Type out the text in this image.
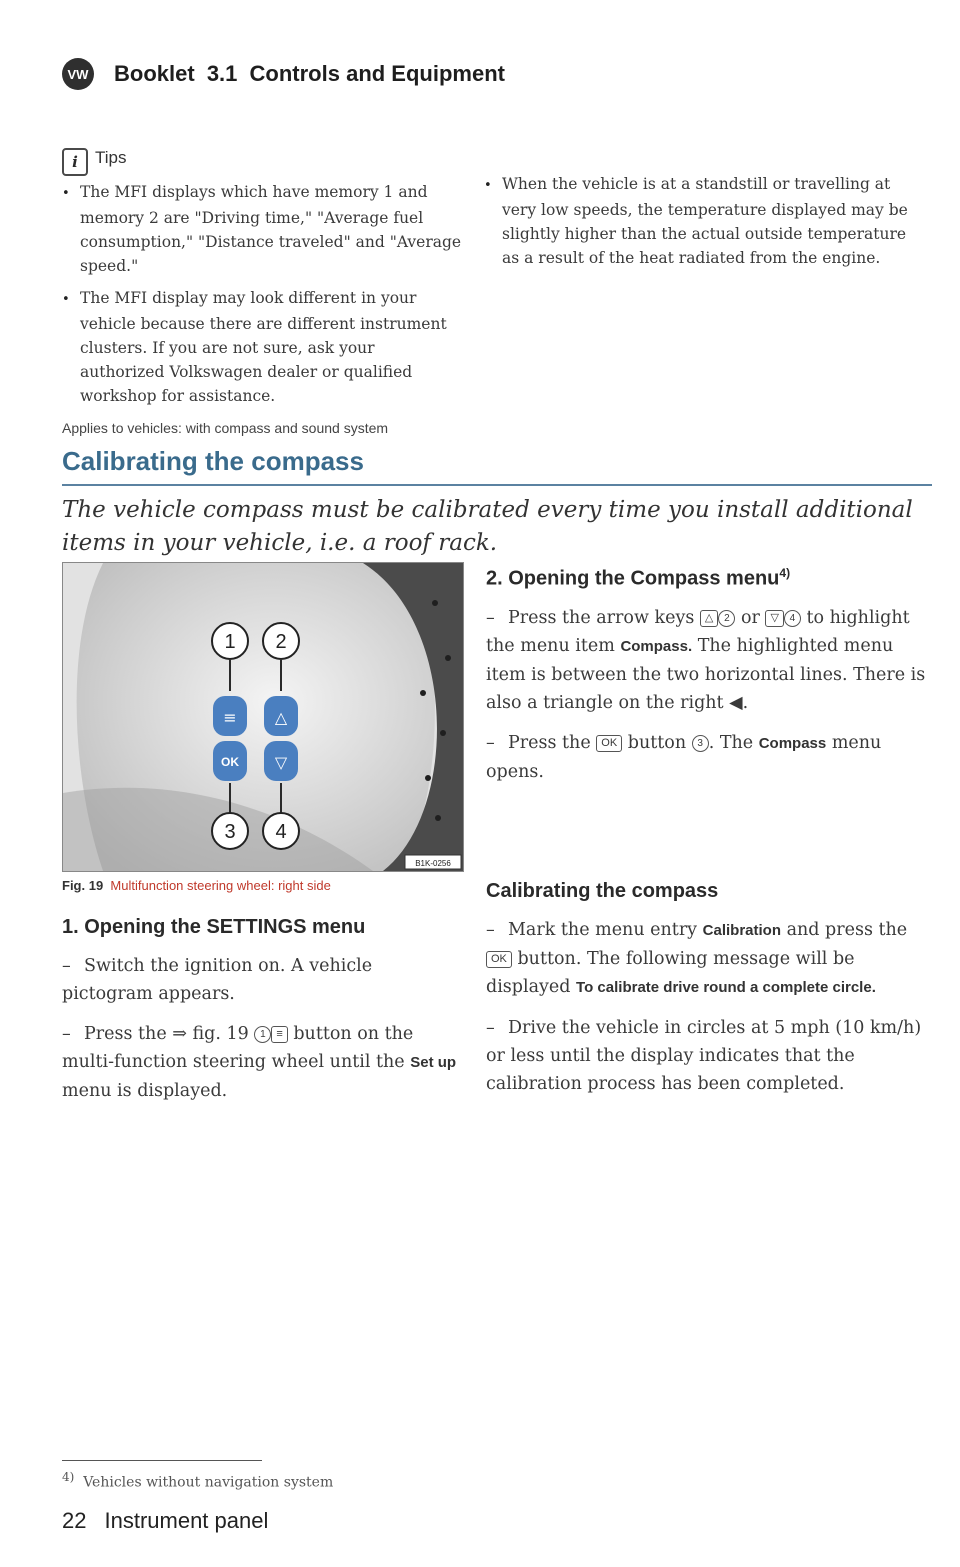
VW Booklet 3.1 Controls and Equipment
i	Tips

• The MFI displays which have memory 1 and memory 2 are "Driving time," "Average fuel consumption," "Distance traveled" and "Average speed."

• The MFI display may look different in your vehicle because there are different instrument clusters. If you are not sure, ask your authorized Volkswagen dealer or qualified workshop for assistance.

• When the vehicle is at a standstill or travelling at very low speeds, the temperature displayed may be slightly higher than the actual outside temperature as a result of the heat radiated from the engine.

Applies to vehicles: with compass and sound system
Calibrating the compass
The vehicle compass must be calibrated every time you install additional items in your vehicle, i.e. a roof rack.
≡ △
OK ▽
1 2
3 4
B1K-0256
Fig. 19 Multifunction steering wheel: right side
1. Opening the SETTINGS menu

– Switch the ignition on. A vehicle pictogram appears.

– Press the ⇒ fig. 19 1 ≡ button on the multi-function steering wheel until the Set up menu is displayed.

2. Opening the Compass menu$^{4)}$

– Press the arrow keys △ 2 or ▽ 4 to highlight the menu item Compass. The highlighted menu item is between the two horizontal lines. There is also a triangle on the right ◀.

– Press the OK button 3 . The Compass menu opens.

Calibrating the compass

– Mark the menu entry Calibration and press the OK button. The following message will be displayed To calibrate drive round a complete circle.

– Drive the vehicle in circles at 5 mph (10 km/h) or less until the display indicates that the calibration process has been completed.

$^{4)}$ Vehicles without navigation system
22 Instrument panel
